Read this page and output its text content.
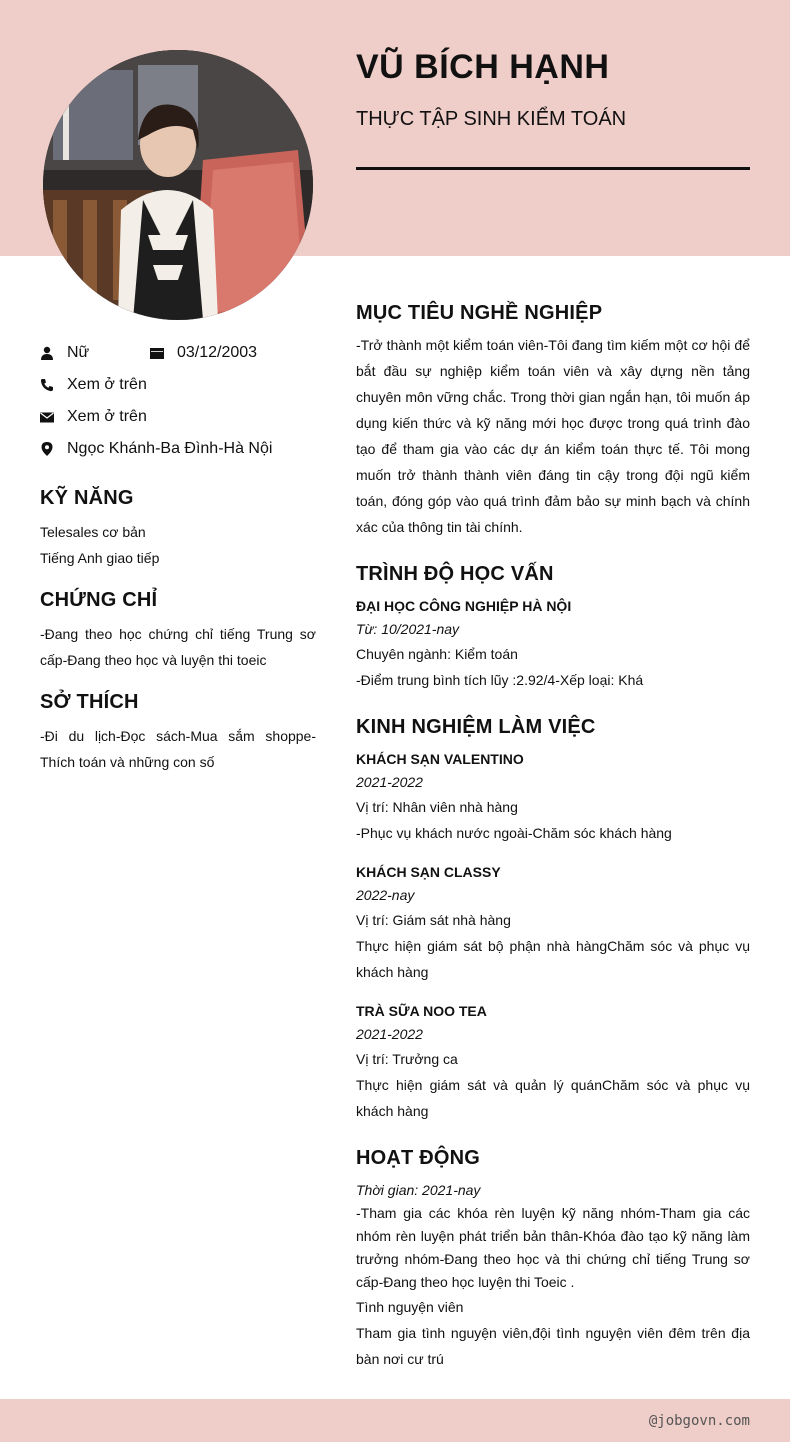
VŨ BÍCH HẠNH
THỰC TẬP SINH KIỂM TOÁN
Nữ	03/12/2003
Xem ở trên
Xem ở trên
Ngọc Khánh-Ba Đình-Hà Nội
KỸ NĂNG
Telesales cơ bản
Tiếng Anh giao tiếp
CHỨNG CHỈ
-Đang theo học chứng chỉ tiếng Trung sơ cấp-Đang theo học và luyện thi toeic
SỞ THÍCH
-Đi du lịch-Đọc sách-Mua sắm shoppe-Thích toán và những con số
MỤC TIÊU NGHỀ NGHIỆP
-Trở thành một kiểm toán viên-Tôi đang tìm kiếm một cơ hội để bắt đầu sự nghiệp kiểm toán viên và xây dựng nền tảng chuyên môn vững chắc. Trong thời gian ngắn hạn, tôi muốn áp dụng kiến thức và kỹ năng mới học được trong quá trình đào tạo để tham gia vào các dự án kiểm toán thực tế. Tôi mong muốn trở thành thành viên đáng tin cậy trong đội ngũ kiểm toán, đóng góp vào quá trình đảm bảo sự minh bạch và chính xác của thông tin tài chính.
TRÌNH ĐỘ HỌC VẤN
ĐẠI HỌC CÔNG NGHIỆP HÀ NỘI
Từ: 10/2021-nay
Chuyên ngành: Kiểm toán
-Điểm trung bình tích lũy :2.92/4-Xếp loại: Khá
KINH NGHIỆM LÀM VIỆC
KHÁCH SẠN VALENTINO
2021-2022
Vị trí: Nhân viên nhà hàng
-Phục vụ khách nước ngoài-Chăm sóc khách hàng
KHÁCH SẠN CLASSY
2022-nay
Vị trí: Giám sát nhà hàng
Thực hiện giám sát bộ phận nhà hàngChăm sóc và phục vụ khách hàng
TRÀ SỮA NOO TEA
2021-2022
Vị trí: Trưởng ca
Thực hiện giám sát và quản lý quánChăm sóc và phục vụ khách hàng
HOẠT ĐỘNG
Thời gian: 2021-nay
-Tham gia các khóa rèn luyện kỹ năng nhóm-Tham gia các nhóm rèn luyện phát triển bản thân-Khóa đào tạo kỹ năng làm trưởng nhóm-Đang theo học và thi chứng chỉ tiếng Trung sơ cấp-Đang theo học luyện thi Toeic .
Tình nguyện viên
Tham gia tình nguyện viên,đội tình nguyện viên đêm trên địa bàn nơi cư trú
@jobgovn.com
